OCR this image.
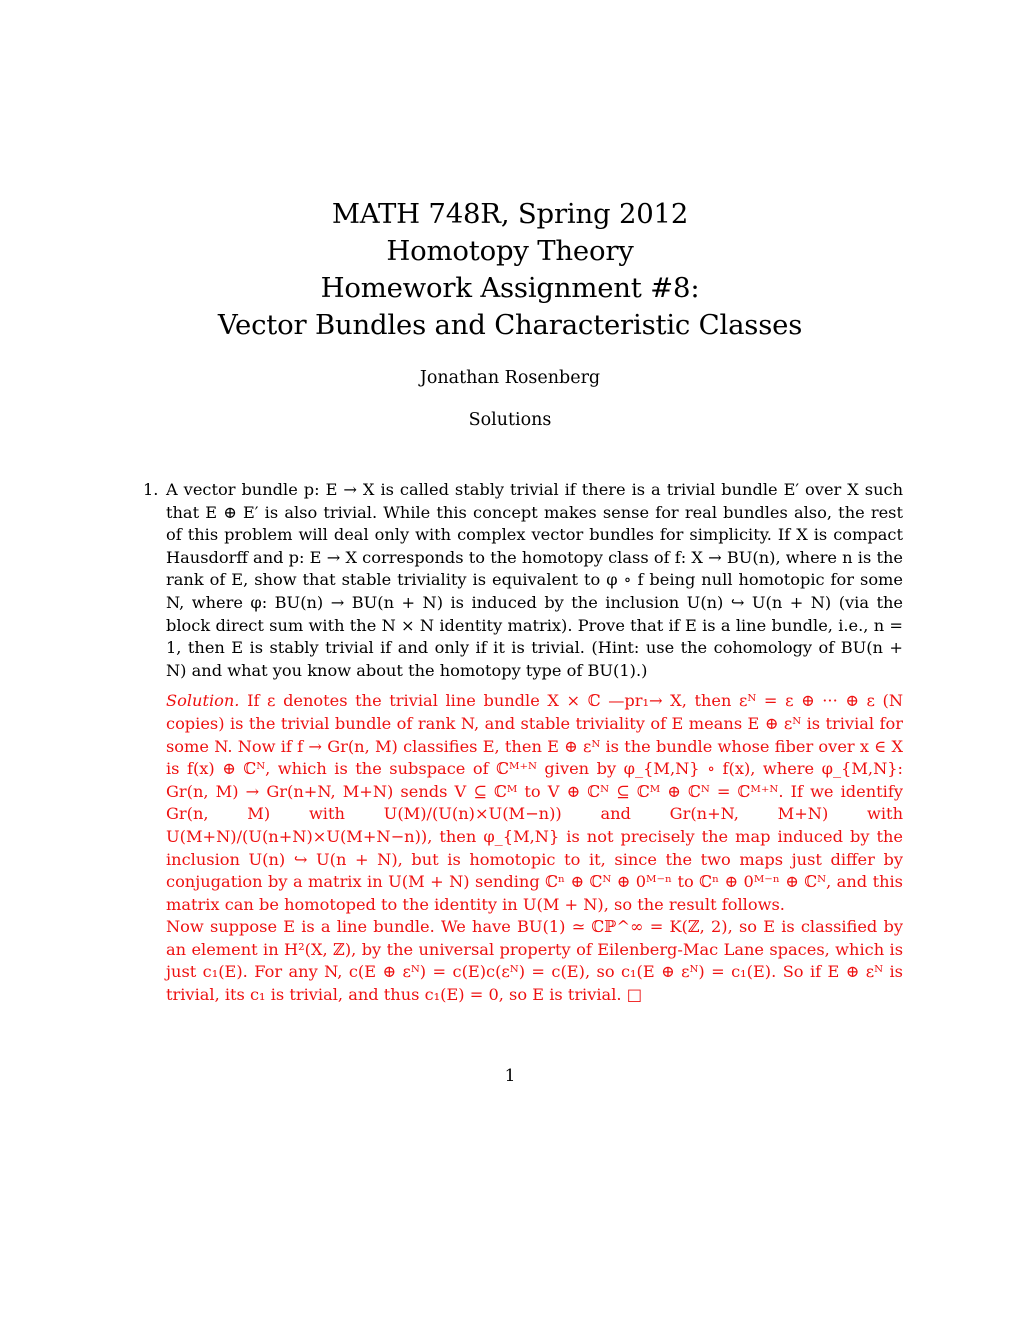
MATH 748R, Spring 2012
Homotopy Theory
Homework Assignment #8:
Vector Bundles and Characteristic Classes
Jonathan Rosenberg
Solutions
1. A vector bundle p: E → X is called stably trivial if there is a trivial bundle E′ over X such that E ⊕ E′ is also trivial. While this concept makes sense for real bundles also, the rest of this problem will deal only with complex vector bundles for simplicity. If X is compact Hausdorff and p: E → X corresponds to the homotopy class of f: X → BU(n), where n is the rank of E, show that stable triviality is equivalent to φ ∘ f being null homotopic for some N, where φ: BU(n) → BU(n + N) is induced by the inclusion U(n) ↪ U(n + N) (via the block direct sum with the N × N identity matrix). Prove that if E is a line bundle, i.e., n = 1, then E is stably trivial if and only if it is trivial. (Hint: use the cohomology of BU(n + N) and what you know about the homotopy type of BU(1).)

Solution. If ε denotes the trivial line bundle X × ℂ —pr₁→ X, then εᴺ = ε ⊕ ··· ⊕ ε (N copies) is the trivial bundle of rank N, and stable triviality of E means E ⊕ εᴺ is trivial for some N. Now if f → Gr(n, M) classifies E, then E ⊕ εᴺ is the bundle whose fiber over x ∈ X is f(x) ⊕ ℂᴺ, which is the subspace of ℂᴹ⁺ᴺ given by φ_{M,N} ∘ f(x), where φ_{M,N}: Gr(n, M) → Gr(n+N, M+N) sends V ⊆ ℂᴹ to V ⊕ ℂᴺ ⊆ ℂᴹ ⊕ ℂᴺ = ℂᴹ⁺ᴺ. If we identify Gr(n, M) with U(M)/(U(n)×U(M−n)) and Gr(n+N, M+N) with U(M+N)/(U(n+N)×U(M+N−n)), then φ_{M,N} is not precisely the map induced by the inclusion U(n) ↪ U(n + N), but is homotopic to it, since the two maps just differ by conjugation by a matrix in U(M + N) sending ℂⁿ ⊕ ℂᴺ ⊕ 0ᴹ⁻ⁿ to ℂⁿ ⊕ 0ᴹ⁻ⁿ ⊕ ℂᴺ, and this matrix can be homotoped to the identity in U(M + N), so the result follows.

Now suppose E is a line bundle. We have BU(1) ≃ ℂℙ^∞ = K(ℤ, 2), so E is classified by an element in H²(X, ℤ), by the universal property of Eilenberg-Mac Lane spaces, which is just c₁(E). For any N, c(E ⊕ εᴺ) = c(E)c(εᴺ) = c(E), so c₁(E ⊕ εᴺ) = c₁(E). So if E ⊕ εᴺ is trivial, its c₁ is trivial, and thus c₁(E) = 0, so E is trivial. □

1
